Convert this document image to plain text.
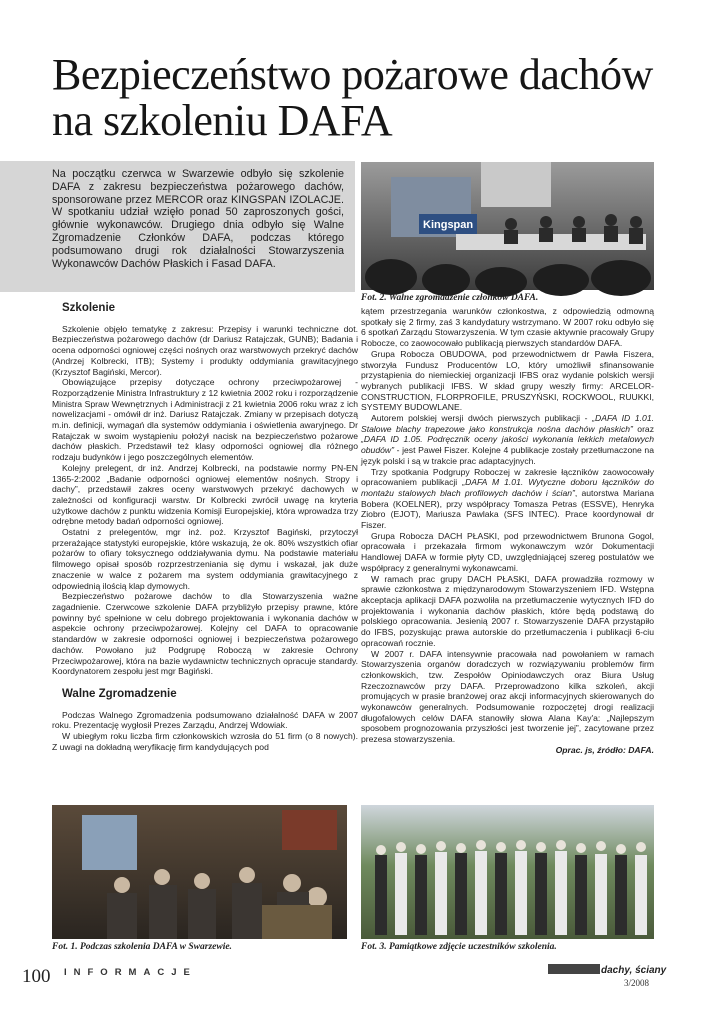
Bezpieczeństwo pożarowe dachów
na szkoleniu DAFA
Na początku czerwca w Swarzewie odbyło się szkolenie DAFA z zakresu bezpieczeństwa pożarowego dachów, sponsorowane przez MERCOR oraz KINGSPAN IZOLACJE. W spotkaniu udział wzięło ponad 50 zaproszonych gości, głównie wykonawców. Drugiego dnia odbyło się Walne Zgromadzenie Członków DAFA, podczas którego podsumowano drugi rok działalności Stowarzyszenia Wykonawców Dachów Płaskich i Fasad DAFA.
Kingspan
Fot. 2. Walne zgromadzenie członków DAFA.
Szkolenie

Szkolenie objęło tematykę z zakresu: Przepisy i warunki techniczne dot. Bezpieczeństwa pożarowego dachów (dr Dariusz Ratajczak, GUNB); Badania i ocena odporności ogniowej części nośnych oraz warstwowych przekryć dachów (Andrzej Kolbrecki, ITB); Systemy i produkty oddymiania grawitacyjnego (Krzysztof Bagiński, Mercor).

Obowiązujące przepisy dotyczące ochrony przeciwpożarowej - Rozporządzenie Ministra Infrastruktury z 12 kwietnia 2002 roku i rozporządzenie Ministra Spraw Wewnętrznych i Administracji z 21 kwietnia 2006 roku wraz z ich nowelizacjami - omówił dr inż. Dariusz Ratajczak. Zmiany w przepisach dotyczą m.in. definicji, wymagań dla systemów oddymiania i oświetlenia awaryjnego. Dr Ratajczak w swoim wystąpieniu położył nacisk na bezpieczeństwo pożarowe dachów płaskich. Przedstawił też klasy odporności ogniowej dla różnego rodzaju budynków i jego poszczególnych elementów.

Kolejny prelegent, dr inż. Andrzej Kolbrecki, na podstawie normy PN-EN 1365-2:2002 „Badanie odporności ogniowej elementów nośnych. Stropy i dachy”, przedstawił zakres oceny warstwowych przekryć dachowych w zależności od konfiguracji warstw. Dr Kolbrecki zwrócił uwagę na kryteria użytkowe dachów z punktu widzenia Komisji Europejskiej, która wprowadza trzy odrębne metody badań odporności ogniowej.

Ostatni z prelegentów, mgr inż. poż. Krzysztof Bagiński, przytoczył przerażające statystyki europejskie, które wskazują, że ok. 80% wszystkich ofiar pożarów to ofiary toksycznego oddziaływania dymu. Na podstawie materiału filmowego opisał sposób rozprzestrzeniania się dymu i wskazał, jak duże znaczenie w walce z pożarem ma system oddymiania grawitacyjnego z odpowiednią ilością klap dymowych.

Bezpieczeństwo pożarowe dachów to dla Stowarzyszenia ważne zagadnienie. Czerwcowe szkolenie DAFA przybliżyło przepisy prawne, które powinny być spełnione w celu dobrego projektowania i wykonania dachów w aspekcie ochrony przeciwpożarowej. Kolejny cel DAFA to opracowanie standardów w zakresie odporności ogniowej i bezpieczeństwa pożarowego dachów. Powołano już Podgrupę Roboczą w zakresie Ochrony Przeciwpożarowej, która na bazie wydawnictw technicznych opracuje standardy. Koordynatorem zespołu jest mgr Bagiński.

Walne Zgromadzenie

Podczas Walnego Zgromadzenia podsumowano działalność DAFA w 2007 roku. Prezentację wygłosił Prezes Zarządu, Andrzej Wdowiak.

W ubiegłym roku liczba firm członkowskich wzrosła do 51 firm (o 8 nowych). Z uwagi na dokładną weryfikację firm kandydujących pod

kątem przestrzegania warunków członkostwa, z odpowiedzią odmowną spotkały się 2 firmy, zaś 3 kandydatury wstrzymano. W 2007 roku odbyło się 6 spotkań Zarządu Stowarzyszenia. W tym czasie aktywnie pracowały Grupy Robocze, co zaowocowało publikacją pierwszych standardów DAFA.

Grupa Robocza OBUDOWA, pod przewodnictwem dr Pawła Fiszera, stworzyła Fundusz Producentów LO, który umożliwił sfinansowanie przystąpienia do niemieckiej organizacji IFBS oraz wydanie polskich wersji wybranych publikacji IFBS. W skład grupy weszły firmy: ARCELOR-CONSTRUCTION, FLORPROFILE, PRUSZYŃSKI, ROCKWOOL, RUUKKI, SYSTEMY BUDOWLANE.

Autorem polskiej wersji dwóch pierwszych publikacji - „DAFA ID 1.01. Stalowe blachy trapezowe jako konstrukcja nośna dachów płaskich” oraz „DAFA ID 1.05. Podręcznik oceny jakości wykonania lekkich metalowych obudów” - jest Paweł Fiszer. Kolejne 4 publikacje zostały przetłumaczone na język polski i są w trakcie prac adaptacyjnych.

Trzy spotkania Podgrupy Roboczej w zakresie łączników zaowocowały opracowaniem publikacji „DAFA M 1.01. Wytyczne doboru łączników do montażu stalowych blach profilowych dachów i ścian”, autorstwa Mariana Bobera (KOELNER), przy współpracy Tomasza Petras (ESSVE), Henryka Ziobro (EJOT), Mariusza Pawlaka (SFS INTEC). Prace koordynował dr Fiszer.

Grupa Robocza DACH PŁASKI, pod przewodnictwem Brunona Gogol, opracowała i przekazała firmom wykonawczym wzór Dokumentacji Handlowej DAFA w formie płyty CD, uwzględniającej szereg postulatów we współpracy z generalnymi wykonawcami.

W ramach prac grupy DACH PŁASKI, DAFA prowadziła rozmowy w sprawie członkostwa z międzynarodowym Stowarzyszeniem IFD. Wstępna akceptacja aplikacji DAFA pozwoliła na przetłumaczenie wytycznych IFD do projektowania i wykonania dachów płaskich, które będą podstawą do polskiego opracowania. Jesienią 2007 r. Stowarzyszenie DAFA przystąpiło do IFBS, pozyskując prawa autorskie do przetłumaczenia i publikacji 6-ciu opracowań rocznie.

W 2007 r. DAFA intensywnie pracowała nad powołaniem w ramach Stowarzyszenia organów doradczych w rozwiązywaniu problemów firm członkowskich, tzw. Zespołów Opiniodawczych oraz Biura Usług Rzeczoznawców przy DAFA. Przeprowadzono kilka szkoleń, akcji promujących w prasie branżowej oraz akcji informacyjnych skierowanych do wykonawców generalnych. Podsumowanie rozpoczętej drogi realizacji długofalowych celów DAFA stanowiły słowa Alana Kay'a: „Najlepszym sposobem prognozowania przyszłości jest tworzenie jej”, zacytowane przez prezesa stowarzyszenia.

Oprac. js, źródło: DAFA.

Fot. 1. Podczas szkolenia DAFA w Swarzewie.	Fot. 3. Pamiątkowe zdjęcie uczestników szkolenia.
100 INFORMACJE	dachy, ściany
3/2008
